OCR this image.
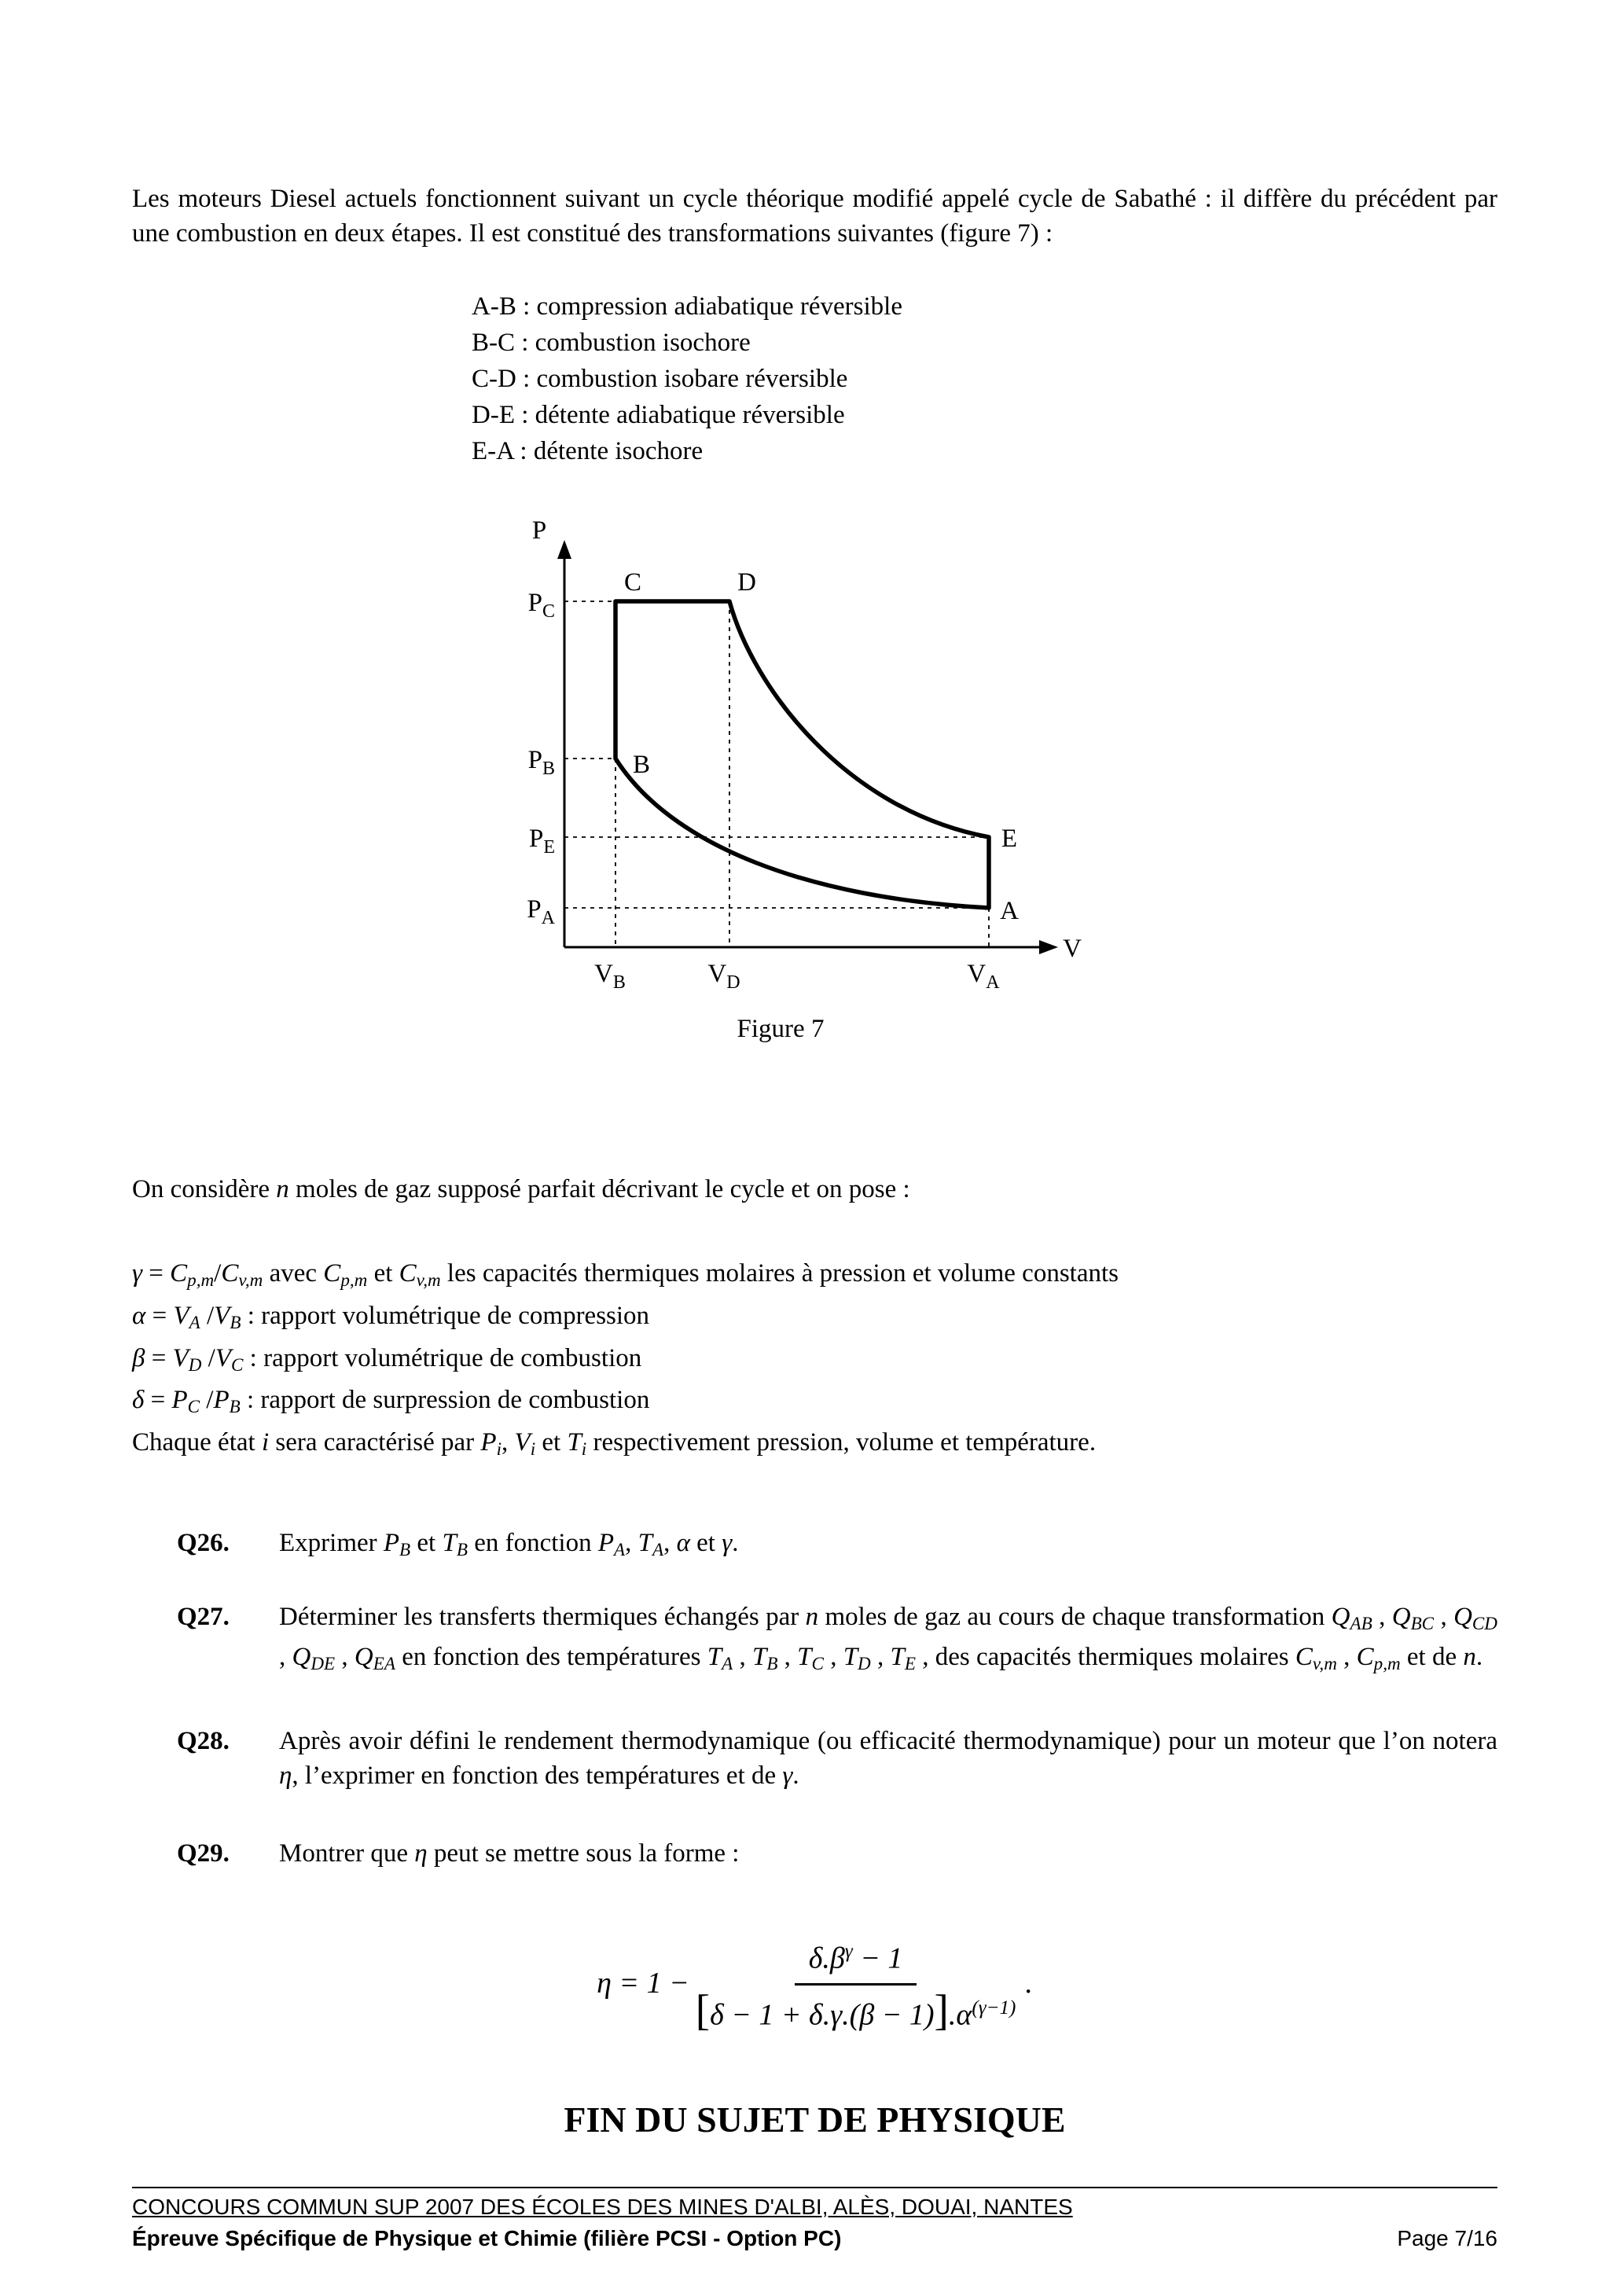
Les moteurs Diesel actuels fonctionnent suivant un cycle théorique modifié appelé cycle de Sabathé : il diffère du précédent par une combustion en deux étapes. Il est constitué des transformations suivantes (figure 7) :

A-B : compression adiabatique réversible
B-C : combustion isochore
C-D : combustion isobare réversible
D-E : détente adiabatique réversible
E-A : détente isochore
P
V
$P_C$
$P_B$
$P_E$
$P_A$
$V_B$	$V_D$	$V_A$
C	D
B
E
A
Figure 7

On considère n moles de gaz supposé parfait décrivant le cycle et on pose :

γ = Cp,m/Cv,m avec Cp,m et Cv,m les capacités thermiques molaires à pression et volume constants
α = VA /VB : rapport volumétrique de compression
β = VD /VC : rapport volumétrique de combustion
δ = PC /PB : rapport de surpression de combustion
Chaque état i sera caractérisé par Pi, Vi et Ti respectivement pression, volume et température.
Q26.	Exprimer PB et TB en fonction PA, TA, α et γ.
Q27.	Déterminer les transferts thermiques échangés par n moles de gaz au cours de chaque transformation QAB , QBC , QCD , QDE , QEA en fonction des températures TA , TB , TC , TD , TE , des capacités thermiques molaires Cv,m , Cp,m et de n.
Q28.	Après avoir défini le rendement thermodynamique (ou efficacité thermodynamique) pour un moteur que l’on notera η, l’exprimer en fonction des températures et de γ.
Q29.	Montrer que η peut se mettre sous la forme :
$\eta = 1 - \frac{\delta.\beta^\gamma - 1}{[\delta - 1 + \delta.\gamma.(\beta - 1)].\alpha^{(\gamma-1)}}$ .
FIN DU SUJET DE PHYSIQUE
CONCOURS COMMUN SUP 2007 DES ÉCOLES DES MINES D'ALBI, ALÈS, DOUAI, NANTES
Épreuve Spécifique de Physique et Chimie (filière PCSI - Option PC)	Page 7/16
